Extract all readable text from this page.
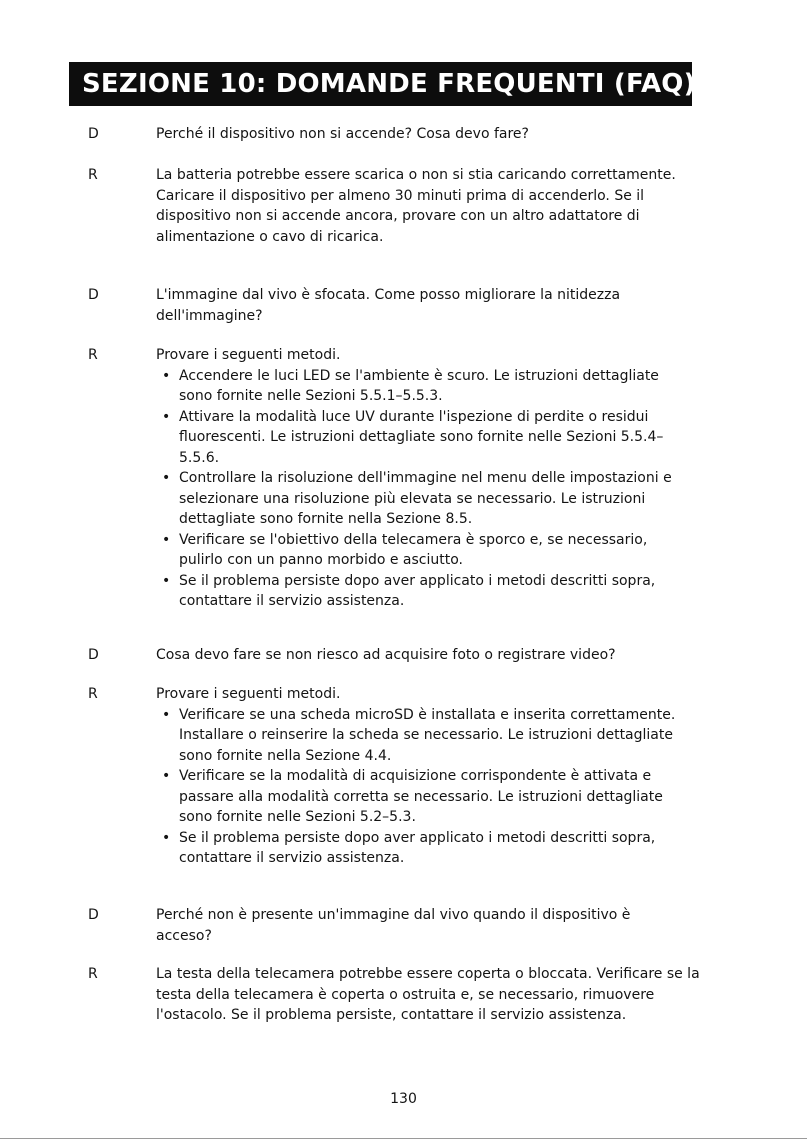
SEZIONE 10: DOMANDE FREQUENTI (FAQ)
D	Perché il dispositivo non si accende? Cosa devo fare?
R	La batteria potrebbe essere scarica o non si stia caricando correttamente. Caricare il dispositivo per almeno 30 minuti prima di accenderlo. Se il dispositivo non si accende ancora, provare con un altro adattatore di alimentazione o cavo di ricarica.
D	L'immagine dal vivo è sfocata. Come posso migliorare la nitidezza dell'immagine?
R	Provare i seguenti metodi.
• Accendere le luci LED se l'ambiente è scuro. Le istruzioni dettagliate sono fornite nelle Sezioni 5.5.1–5.5.3.
• Attivare la modalità luce UV durante l'ispezione di perdite o residui fluorescenti. Le istruzioni dettagliate sono fornite nelle Sezioni 5.5.4–5.5.6.
• Controllare la risoluzione dell'immagine nel menu delle impostazioni e selezionare una risoluzione più elevata se necessario. Le istruzioni dettagliate sono fornite nella Sezione 8.5.
• Verificare se l'obiettivo della telecamera è sporco e, se necessario, pulirlo con un panno morbido e asciutto.
• Se il problema persiste dopo aver applicato i metodi descritti sopra, contattare il servizio assistenza.
D	Cosa devo fare se non riesco ad acquisire foto o registrare video?
R	Provare i seguenti metodi.
• Verificare se una scheda microSD è installata e inserita correttamente. Installare o reinserire la scheda se necessario. Le istruzioni dettagliate sono fornite nella Sezione 4.4.
• Verificare se la modalità di acquisizione corrispondente è attivata e passare alla modalità corretta se necessario. Le istruzioni dettagliate sono fornite nelle Sezioni 5.2–5.3.
• Se il problema persiste dopo aver applicato i metodi descritti sopra, contattare il servizio assistenza.
D	Perché non è presente un'immagine dal vivo quando il dispositivo è acceso?
R	La testa della telecamera potrebbe essere coperta o bloccata. Verificare se la testa della telecamera è coperta o ostruita e, se necessario, rimuovere l'ostacolo. Se il problema persiste, contattare il servizio assistenza.
130
